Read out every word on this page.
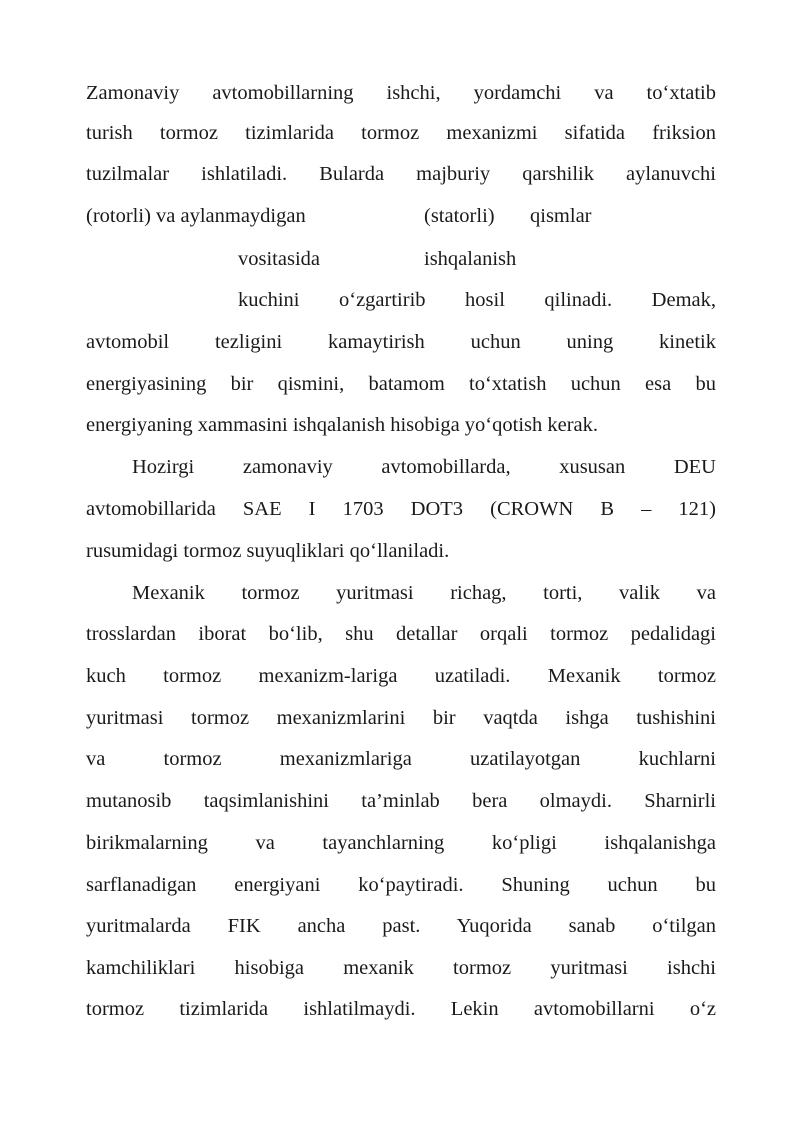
Zamonaviy avtomobillarning ishchi, yordamchi va to‘xtatib
turish tormoz tizimlarida tormoz mexanizmi sifatida friksion
tuzilmalar ishlatiladi. Bularda majburiy qarshilik aylanuvchi
(rotorli) va aylanmaydigan	(statorli) qismlar
vositasida	ishqalanish
kuchini o‘zgartirib hosil qilinadi. Demak,
avtomobil tezligini kamaytirish uchun uning kinetik
energiyasining bir qismini, batamom to‘xtatish uchun esa bu
energiyaning xammasini ishqalanish hisobiga yo‘qotish kerak.
Hozirgi zamonaviy avtomobillarda, xususan DEU
avtomobillarida SAE I 1703 DOT3 (CROWN B – 121)
rusumidagi tormoz suyuqliklari qo‘llaniladi.
Mexanik tormoz yuritmasi richag, torti, valik va
trosslardan iborat bo‘lib, shu detallar orqali tormoz pedalidagi
kuch tormoz mexanizm-lariga uzatiladi. Mexanik tormoz
yuritmasi tormoz mexanizmlarini bir vaqtda ishga tushishini
va tormoz mexanizmlariga uzatilayotgan kuchlarni
mutanosib taqsimlanishini ta’minlab bera olmaydi. Sharnirli
birikmalarning va tayanchlarning ko‘pligi ishqalanishga
sarflanadigan energiyani ko‘paytiradi. Shuning uchun bu
yuritmalarda FIK ancha past. Yuqorida sanab o‘tilgan
kamchiliklari hisobiga mexanik tormoz yuritmasi ishchi
tormoz tizimlarida ishlatilmaydi. Lekin avtomobillarni o‘z
